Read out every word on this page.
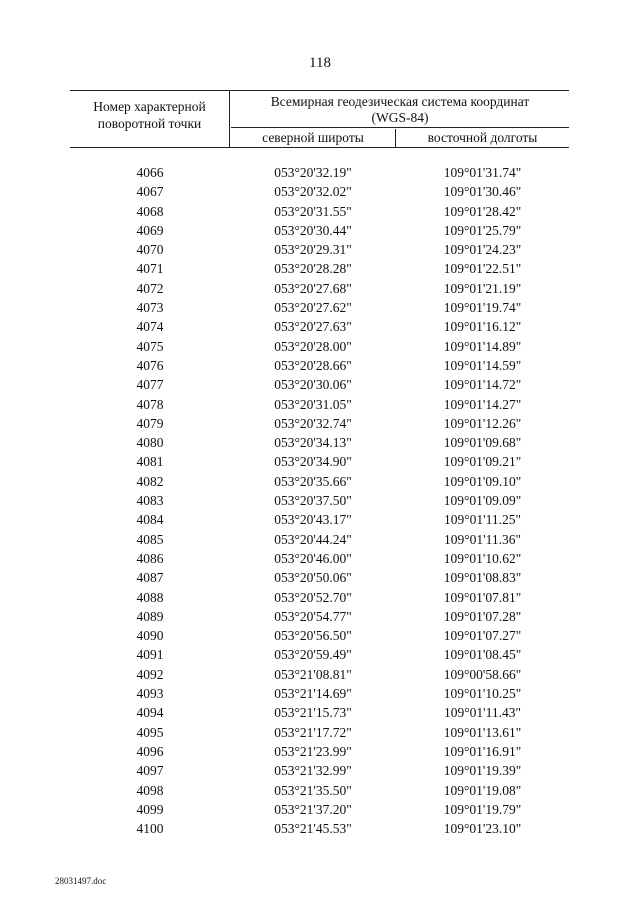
118
Номер характерной поворотной точки
Всемирная геодезическая система координат
(WGS-84)
северной широты	восточной долготы
4066	053°20'32.19"	109°01'31.74"
4067	053°20'32.02"	109°01'30.46"
4068	053°20'31.55"	109°01'28.42"
4069	053°20'30.44"	109°01'25.79"
4070	053°20'29.31"	109°01'24.23"
4071	053°20'28.28"	109°01'22.51"
4072	053°20'27.68"	109°01'21.19"
4073	053°20'27.62"	109°01'19.74"
4074	053°20'27.63"	109°01'16.12"
4075	053°20'28.00"	109°01'14.89"
4076	053°20'28.66"	109°01'14.59"
4077	053°20'30.06"	109°01'14.72"
4078	053°20'31.05"	109°01'14.27"
4079	053°20'32.74"	109°01'12.26"
4080	053°20'34.13"	109°01'09.68"
4081	053°20'34.90"	109°01'09.21"
4082	053°20'35.66"	109°01'09.10"
4083	053°20'37.50"	109°01'09.09"
4084	053°20'43.17"	109°01'11.25"
4085	053°20'44.24"	109°01'11.36"
4086	053°20'46.00"	109°01'10.62"
4087	053°20'50.06"	109°01'08.83"
4088	053°20'52.70"	109°01'07.81"
4089	053°20'54.77"	109°01'07.28"
4090	053°20'56.50"	109°01'07.27"
4091	053°20'59.49"	109°01'08.45"
4092	053°21'08.81"	109°00'58.66"
4093	053°21'14.69"	109°01'10.25"
4094	053°21'15.73"	109°01'11.43"
4095	053°21'17.72"	109°01'13.61"
4096	053°21'23.99"	109°01'16.91"
4097	053°21'32.99"	109°01'19.39"
4098	053°21'35.50"	109°01'19.08"
4099	053°21'37.20"	109°01'19.79"
4100	053°21'45.53"	109°01'23.10"
28031497.doc
